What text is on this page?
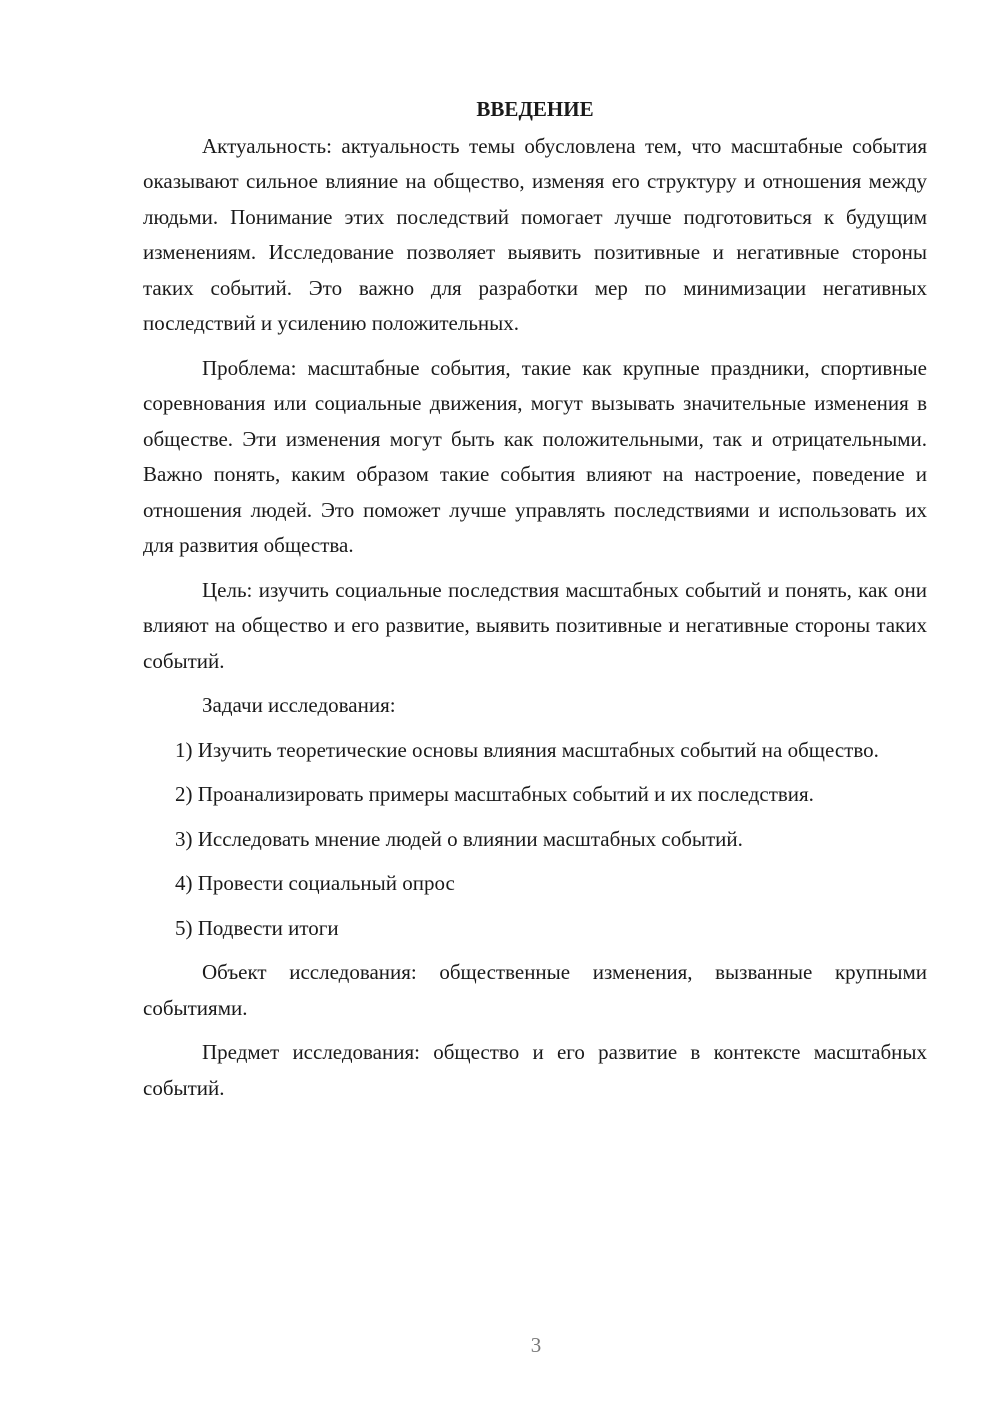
ВВЕДЕНИЕ

Актуальность: актуальность темы обусловлена тем, что масштабные события оказывают сильное влияние на общество, изменяя его структуру и отношения между людьми. Понимание этих последствий помогает лучше подготовиться к будущим изменениям. Исследование позволяет выявить позитивные и негативные стороны таких событий. Это важно для разработки мер по минимизации негативных последствий и усилению положительных.

Проблема: масштабные события, такие как крупные праздники, спортивные соревнования или социальные движения, могут вызывать значительные изменения в обществе. Эти изменения могут быть как положительными, так и отрицательными. Важно понять, каким образом такие события влияют на настроение, поведение и отношения людей. Это поможет лучше управлять последствиями и использовать их для развития общества.

Цель: изучить социальные последствия масштабных событий и понять, как они влияют на общество и его развитие, выявить позитивные и негативные стороны таких событий.

Задачи исследования:

1) Изучить теоретические основы влияния масштабных событий на общество.

2) Проанализировать примеры масштабных событий и их последствия.

3) Исследовать мнение людей о влиянии масштабных событий.

4) Провести социальный опрос

5) Подвести итоги

Объект исследования: общественные изменения, вызванные крупными событиями.

Предмет исследования: общество и его развитие в контексте масштабных событий.

3
